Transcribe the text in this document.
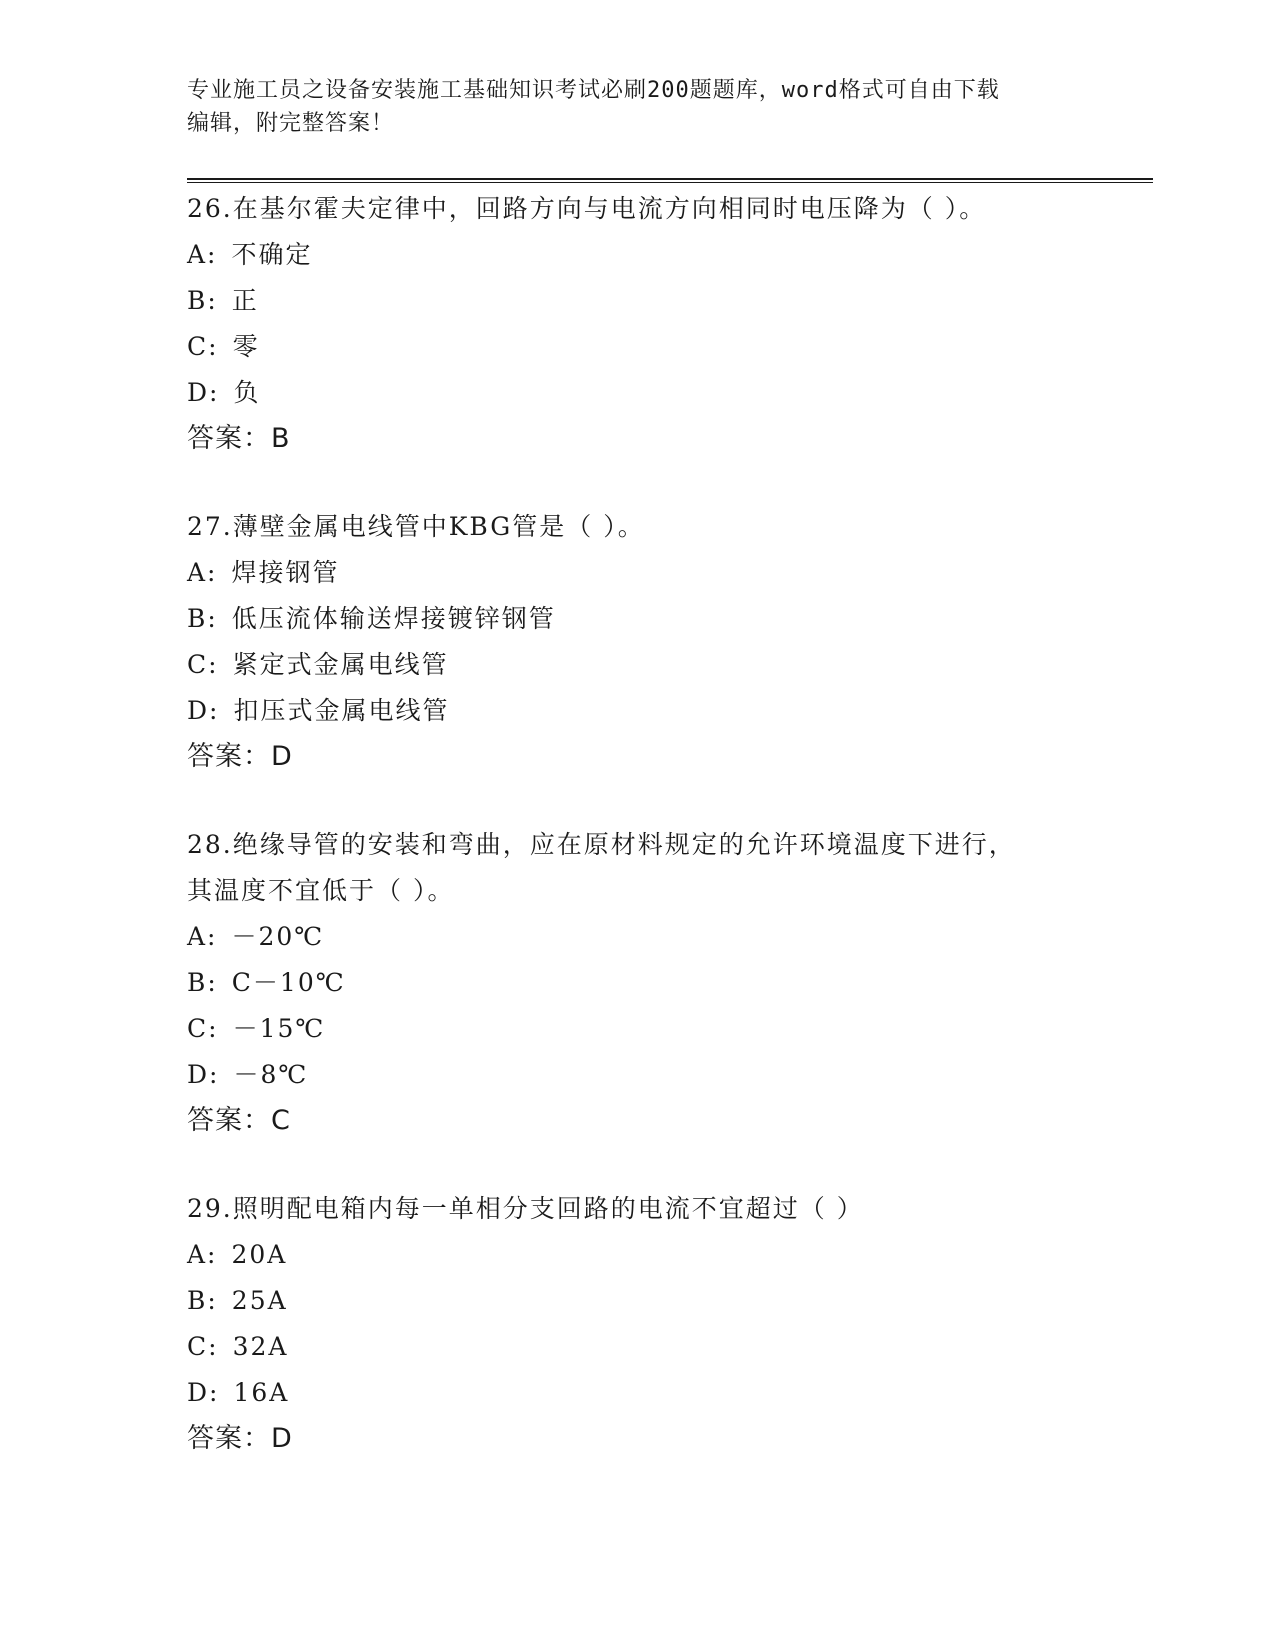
专业施工员之设备安装施工基础知识考试必刷200题题库，word格式可自由下载
编辑，附完整答案！
26.在基尔霍夫定律中，回路方向与电流方向相同时电压降为（ ）。
A: 不确定
B: 正
C: 零
D: 负
答案：B
27.薄壁金属电线管中KBG管是（ ）。
A: 焊接钢管
B: 低压流体输送焊接镀锌钢管
C: 紧定式金属电线管
D: 扣压式金属电线管
答案：D
28.绝缘导管的安装和弯曲，应在原材料规定的允许环境温度下进行，
其温度不宜低于（ ）。
A: －20℃
B: C－10℃
C: －15℃
D: －8℃
答案：C
29.照明配电箱内每一单相分支回路的电流不宜超过（ ）
A: 20A
B: 25A
C: 32A
D: 16A
答案：D
